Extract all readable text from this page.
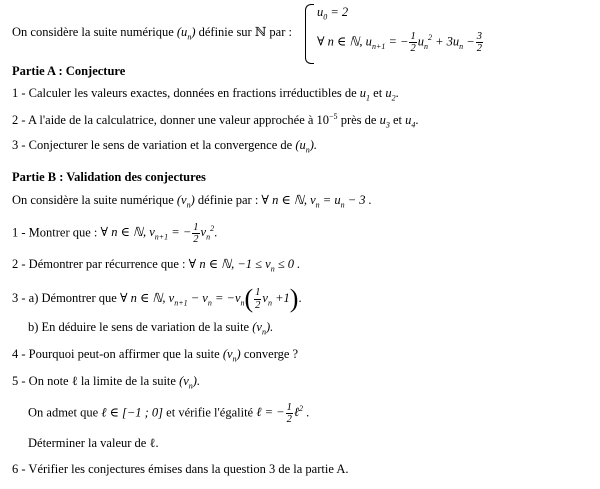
On considère la suite numérique $(u_n)$ définie sur ℕ par :
$u_0 = 2$
∀ n ∈ ℕ, $u_{n+1}$ = − $\frac{1}{2} u_n^2 + 3u_n - \frac{3}{2}$
Partie A : Conjecture
1 - Calculer les valeurs exactes, données en fractions irréductibles de $u_1$ et $u_2$.
2 - A l'aide de la calculatrice, donner une valeur approchée à $10^{-5}$ près de $u_3$ et $u_4$.
3 - Conjecturer le sens de variation et la convergence de $(u_n)$.
Partie B : Validation des conjectures
On considère la suite numérique $(v_n)$ définie par : ∀ n ∈ ℕ, $v_n = u_n - 3$ .
1 - Montrer que : ∀ n ∈ ℕ, $v_{n+1}$ = − $\frac{1}{2} v_n^2$.
2 - Démontrer par récurrence que : ∀ n ∈ ℕ, $-1 \le v_n \le 0$ .
3 - a) Démontrer que ∀ n ∈ ℕ, $v_{n+1} - v_n = -v_n( \frac{1}{2} v_n +1)$.
b) En déduire le sens de variation de la suite $(v_n)$.
4 - Pourquoi peut-on affirmer que la suite $(v_n)$ converge ?
5 - On note ℓ la limite de la suite $(v_n)$.
On admet que ℓ ∈ [−1 ; 0] et vérifie l'égalité ℓ = − $\frac{1}{2}$ ℓ$^2$ .
Déterminer la valeur de ℓ.
6 - Vérifier les conjectures émises dans la question 3 de la partie A.
